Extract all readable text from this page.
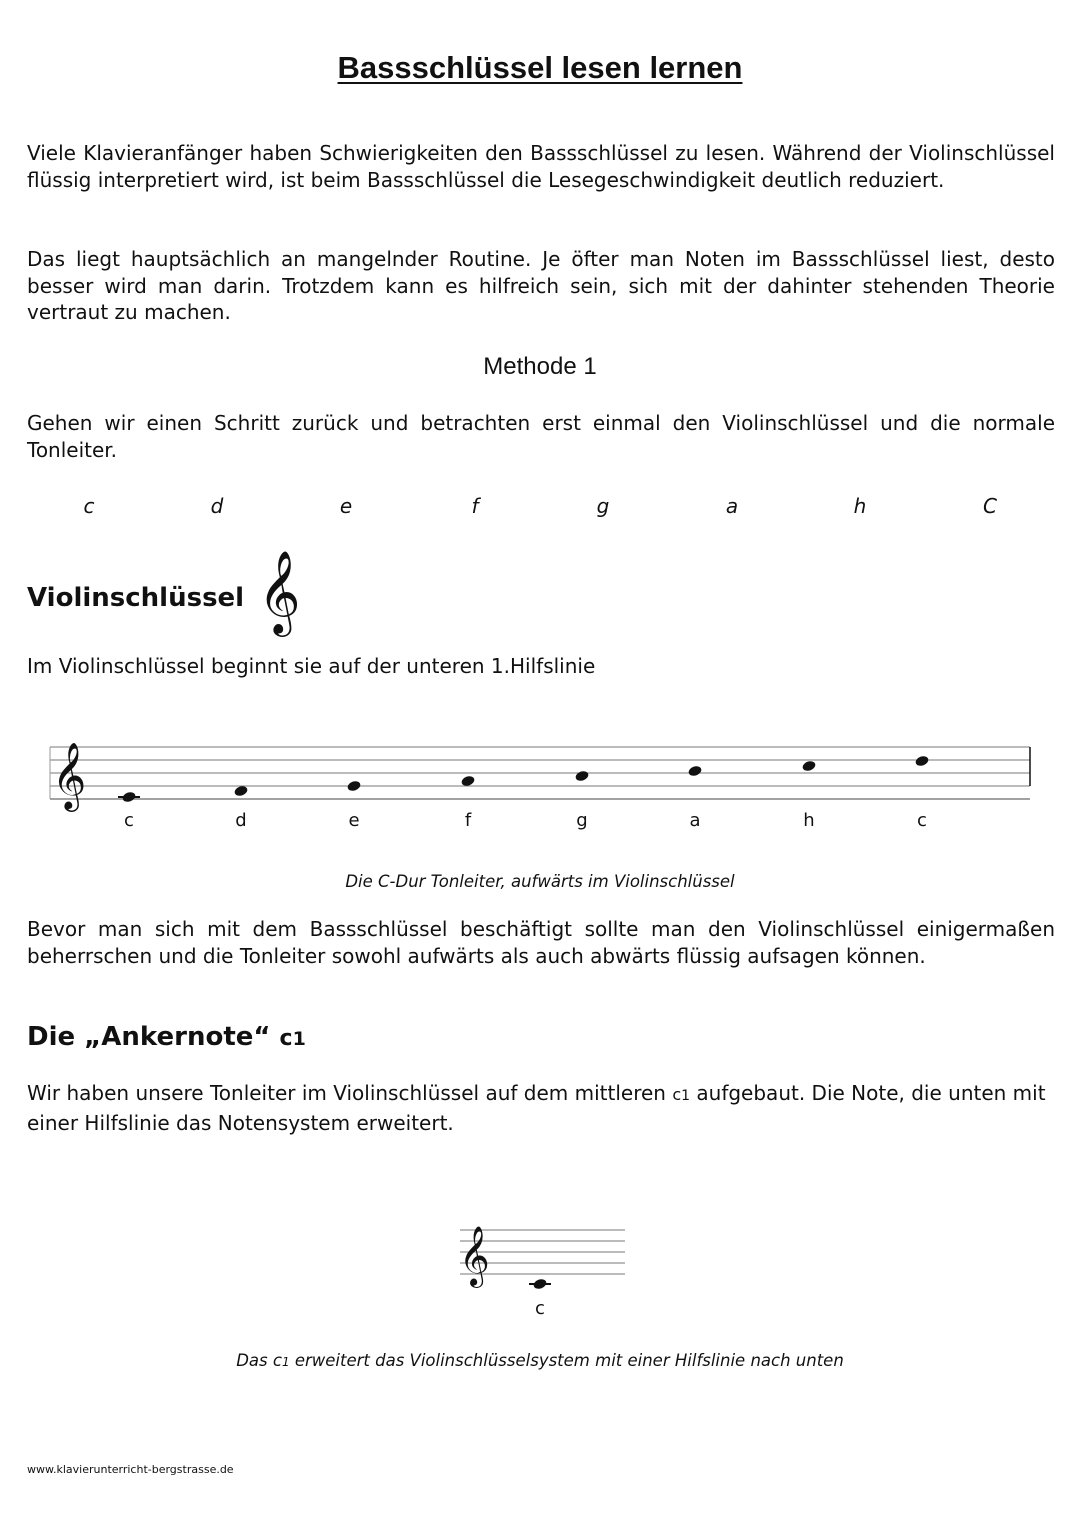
Bassschlüssel lesen lernen
Viele Klavieranfänger haben Schwierigkeiten den Bassschlüssel zu lesen. Während der Violinschlüssel flüssig interpretiert wird, ist beim Bassschlüssel die Lesegeschwindigkeit deutlich reduziert.
Das liegt hauptsächlich an mangelnder Routine. Je öfter man Noten im Bassschlüssel liest, desto besser wird man darin. Trotzdem kann es hilfreich sein, sich mit der dahinter stehenden Theorie vertraut zu machen.
Methode 1
Gehen wir einen Schritt zurück und betrachten erst einmal den Violinschlüssel und die normale Tonleiter.
c	d	e	f	g	a	h	C
Violinschlüssel 𝄞
Im Violinschlüssel beginnt sie auf der unteren 1.Hilfslinie
𝄞
c	d	e	f	g	a	h	c
Die C-Dur Tonleiter, aufwärts im Violinschlüssel
Bevor man sich mit dem Bassschlüssel beschäftigt sollte man den Violinschlüssel einigermaßen beherrschen und die Tonleiter sowohl aufwärts als auch abwärts flüssig aufsagen können.
Die „Ankernote“ c1
Wir haben unsere Tonleiter im Violinschlüssel auf dem mittleren c1 aufgebaut. Die Note, die unten mit einer Hilfslinie das Notensystem erweitert.
𝄞
c
Das c1 erweitert das Violinschlüsselsystem mit einer Hilfslinie nach unten
www.klavierunterricht-bergstrasse.de
